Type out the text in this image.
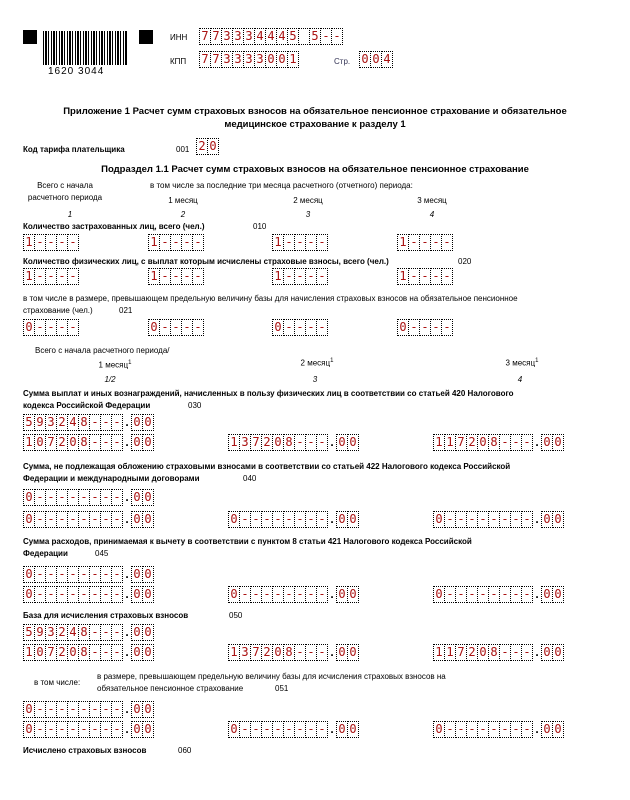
1620 3044
ИНН 7 7 3 3 3 4 4 4 5 5 - -
КПП 7 7 3 3 3 3 0 0 1	Стр. 0 0 4
Приложение 1 Расчет сумм страховых взносов на обязательное пенсионное страхование и обязательное
медицинское страхование к разделу 1
Код тарифа плательщика	001 2 0
Подраздел 1.1 Расчет сумм страховых взносов на обязательное пенсионное страхование
Всего с начала
расчетного периода
в том числе за последние три месяца расчетного (отчетного) периода:
1 месяц	2 месяц	3 месяц
1	2	3	4
Количество застрахованных лиц, всего (чел.)	010
1 - - - -	1 - - - -	1 - - - -	1 - - - -
Количество физических лиц, с выплат которым исчислены страховые взносы, всего (чел.)	020
1 - - - -	1 - - - -	1 - - - -	1 - - - -
в том числе в размере, превышающем предельную величину базы для начисления страховых взносов на обязательное пенсионное
страхование (чел.)	021
0 - - - -	0 - - - -	0 - - - -	0 - - - -
Всего с начала расчетного периода/
1 месяц$^1$	2 месяц$^1$	3 месяц$^1$
1/2	3	4
Сумма выплат и иных вознаграждений, начисленных в пользу физических лиц в соответствии со статьей 420 Налогового
кодекса Российской Федерации	030
5 9 3 2 4 8 - - - . 0 0
1 0 7 2 0 8 - - - . 0 0	1 3 7 2 0 8 - - - . 0 0	1 1 7 2 0 8 - - - . 0 0
Сумма, не подлежащая обложению страховыми взносами в соответствии со статьей 422 Налогового кодекса Российской
Федерации и международными договорами	040
0 - - - - - - - - . 0 0
0 - - - - - - - - . 0 0	0 - - - - - - - - . 0 0	0 - - - - - - - - . 0 0
Сумма расходов, принимаемая к вычету в соответствии с пунктом 8 статьи 421 Налогового кодекса Российской
Федерации	045
0 - - - - - - - - . 0 0
0 - - - - - - - - . 0 0	0 - - - - - - - - . 0 0	0 - - - - - - - - . 0 0
База для исчисления страховых взносов	050
5 9 3 2 4 8 - - - . 0 0
1 0 7 2 0 8 - - - . 0 0	1 3 7 2 0 8 - - - . 0 0	1 1 7 2 0 8 - - - . 0 0
в том числе:
в размере, превышающем предельную величину базы для исчисления страховых взносов на
обязательное пенсионное страхование	051
0 - - - - - - - - . 0 0
0 - - - - - - - - . 0 0	0 - - - - - - - - . 0 0	0 - - - - - - - - . 0 0
Исчислено страховых взносов	060
